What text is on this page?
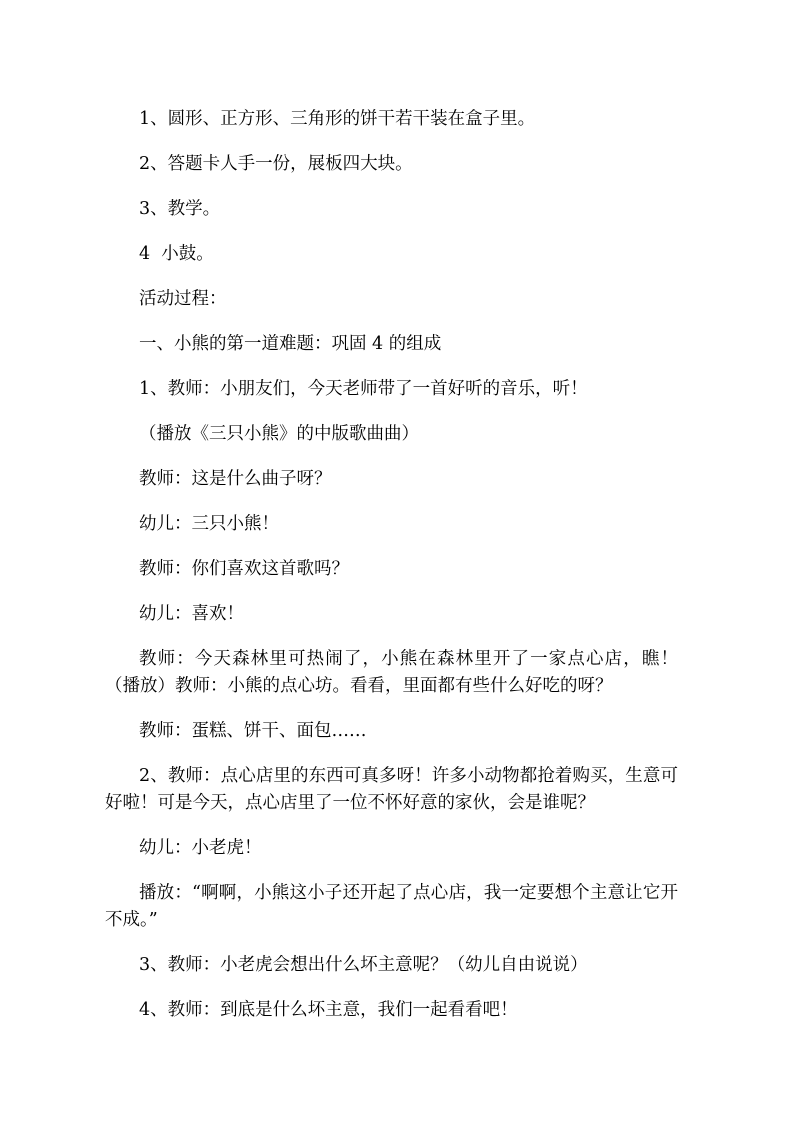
1、圆形、正方形、三角形的饼干若干装在盒子里。

2、答题卡人手一份，展板四大块。

3、教学。

4  小鼓。

活动过程：

一、小熊的第一道难题：巩固 4 的组成

1、教师：小朋友们，今天老师带了一首好听的音乐，听！

（播放《三只小熊》的中版歌曲曲）

教师：这是什么曲子呀？

幼儿：三只小熊！

教师：你们喜欢这首歌吗？

幼儿：喜欢！

教师：今天森林里可热闹了，小熊在森林里开了一家点心店，瞧！（播放）教师：小熊的点心坊。看看，里面都有些什么好吃的呀？

教师：蛋糕、饼干、面包……

2、教师：点心店里的东西可真多呀！许多小动物都抢着购买，生意可好啦！可是今天，点心店里了一位不怀好意的家伙，会是谁呢？

幼儿：小老虎！

播放：“啊啊，小熊这小子还开起了点心店，我一定要想个主意让它开不成。”

3、教师：小老虎会想出什么坏主意呢？（幼儿自由说说）

4、教师：到底是什么坏主意，我们一起看看吧！
